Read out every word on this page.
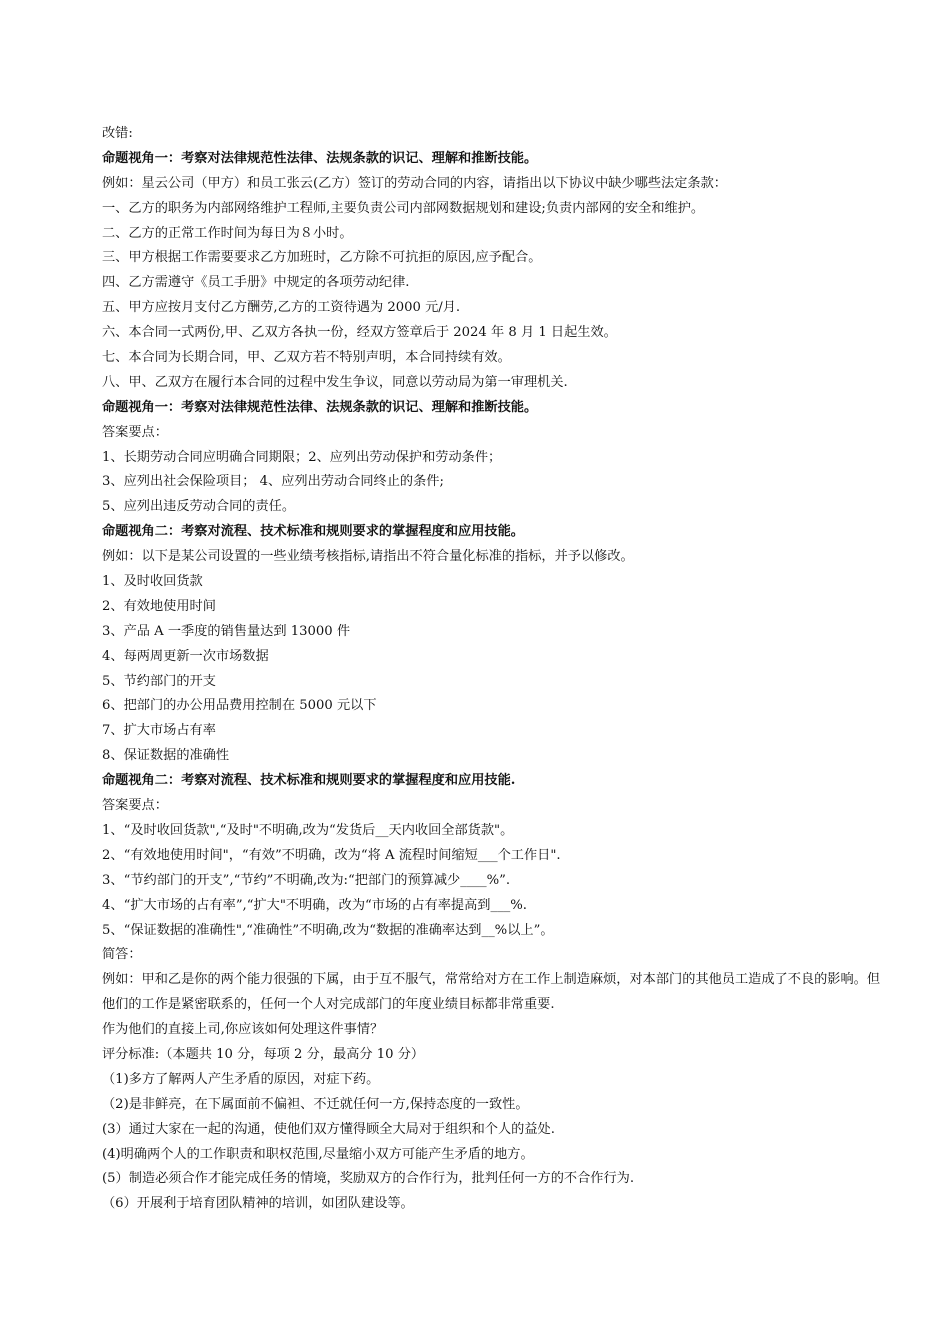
改错:
命题视角一：考察对法律规范性法律、法规条款的识记、理解和推断技能。
例如：星云公司（甲方）和员工张云(乙方）签订的劳动合同的内容，请指出以下协议中缺少哪些法定条款：
一、乙方的职务为内部网络维护工程师,主要负责公司内部网数据规划和建设;负责内部网的安全和维护。
二、乙方的正常工作时间为每日为８小时。
三、甲方根据工作需要要求乙方加班时，乙方除不可抗拒的原因,应予配合。
四、乙方需遵守《员工手册》中规定的各项劳动纪律.
五、甲方应按月支付乙方酬劳,乙方的工资待遇为 2000 元/月.
六、本合同一式两份,甲、乙双方各执一份，经双方签章后于 2024 年 8 月 1 日起生效。
七、本合同为长期合同，甲、乙双方若不特别声明，本合同持续有效。
八、甲、乙双方在履行本合同的过程中发生争议，同意以劳动局为第一审理机关.
命题视角一：考察对法律规范性法律、法规条款的识记、理解和推断技能。
答案要点：
1、长期劳动合同应明确合同期限；2、应列出劳动保护和劳动条件；
3、应列出社会保险项目； 4、应列出劳动合同终止的条件;
5、应列出违反劳动合同的责任。
命题视角二：考察对流程、技术标准和规则要求的掌握程度和应用技能。
例如：以下是某公司设置的一些业绩考核指标,请指出不符合量化标准的指标，并予以修改。
1、及时收回货款
2、有效地使用时间
3、产品 A 一季度的销售量达到 13000 件
4、每两周更新一次市场数据
5、节约部门的开支
6、把部门的办公用品费用控制在 5000 元以下
7、扩大市场占有率
8、保证数据的准确性
命题视角二：考察对流程、技术标准和规则要求的掌握程度和应用技能.
答案要点：
1、“及时收回货款",“及时"不明确,改为“发货后__天内收回全部货款"。
2、“有效地使用时间"，“有效”不明确，改为“将 A 流程时间缩短___个工作日".
3、“节约部门的开支”,“节约”不明确,改为:“把部门的预算减少____%”.
4、“扩大市场的占有率”,“扩大"不明确，改为“市场的占有率提高到___%.
5、“保证数据的准确性",“准确性”不明确,改为“数据的准确率达到__%以上”。
简答：
例如：甲和乙是你的两个能力很强的下属，由于互不服气，常常给对方在工作上制造麻烦，对本部门的其他员工造成了不良的影响。但他们的工作是紧密联系的，任何一个人对完成部门的年度业绩目标都非常重要.
作为他们的直接上司,你应该如何处理这件事情？
评分标准:（本题共 10 分，每项 2 分，最高分 10 分）
（1)多方了解两人产生矛盾的原因，对症下药。
（2)是非鲜亮，在下属面前不偏袒、不迁就任何一方,保持态度的一致性。
(3）通过大家在一起的沟通，使他们双方懂得顾全大局对于组织和个人的益处.
(4)明确两个人的工作职责和职权范围,尽量缩小双方可能产生矛盾的地方。
(5）制造必须合作才能完成任务的情境，奖励双方的合作行为，批判任何一方的不合作行为.
（6）开展利于培育团队精神的培训，如团队建设等。
